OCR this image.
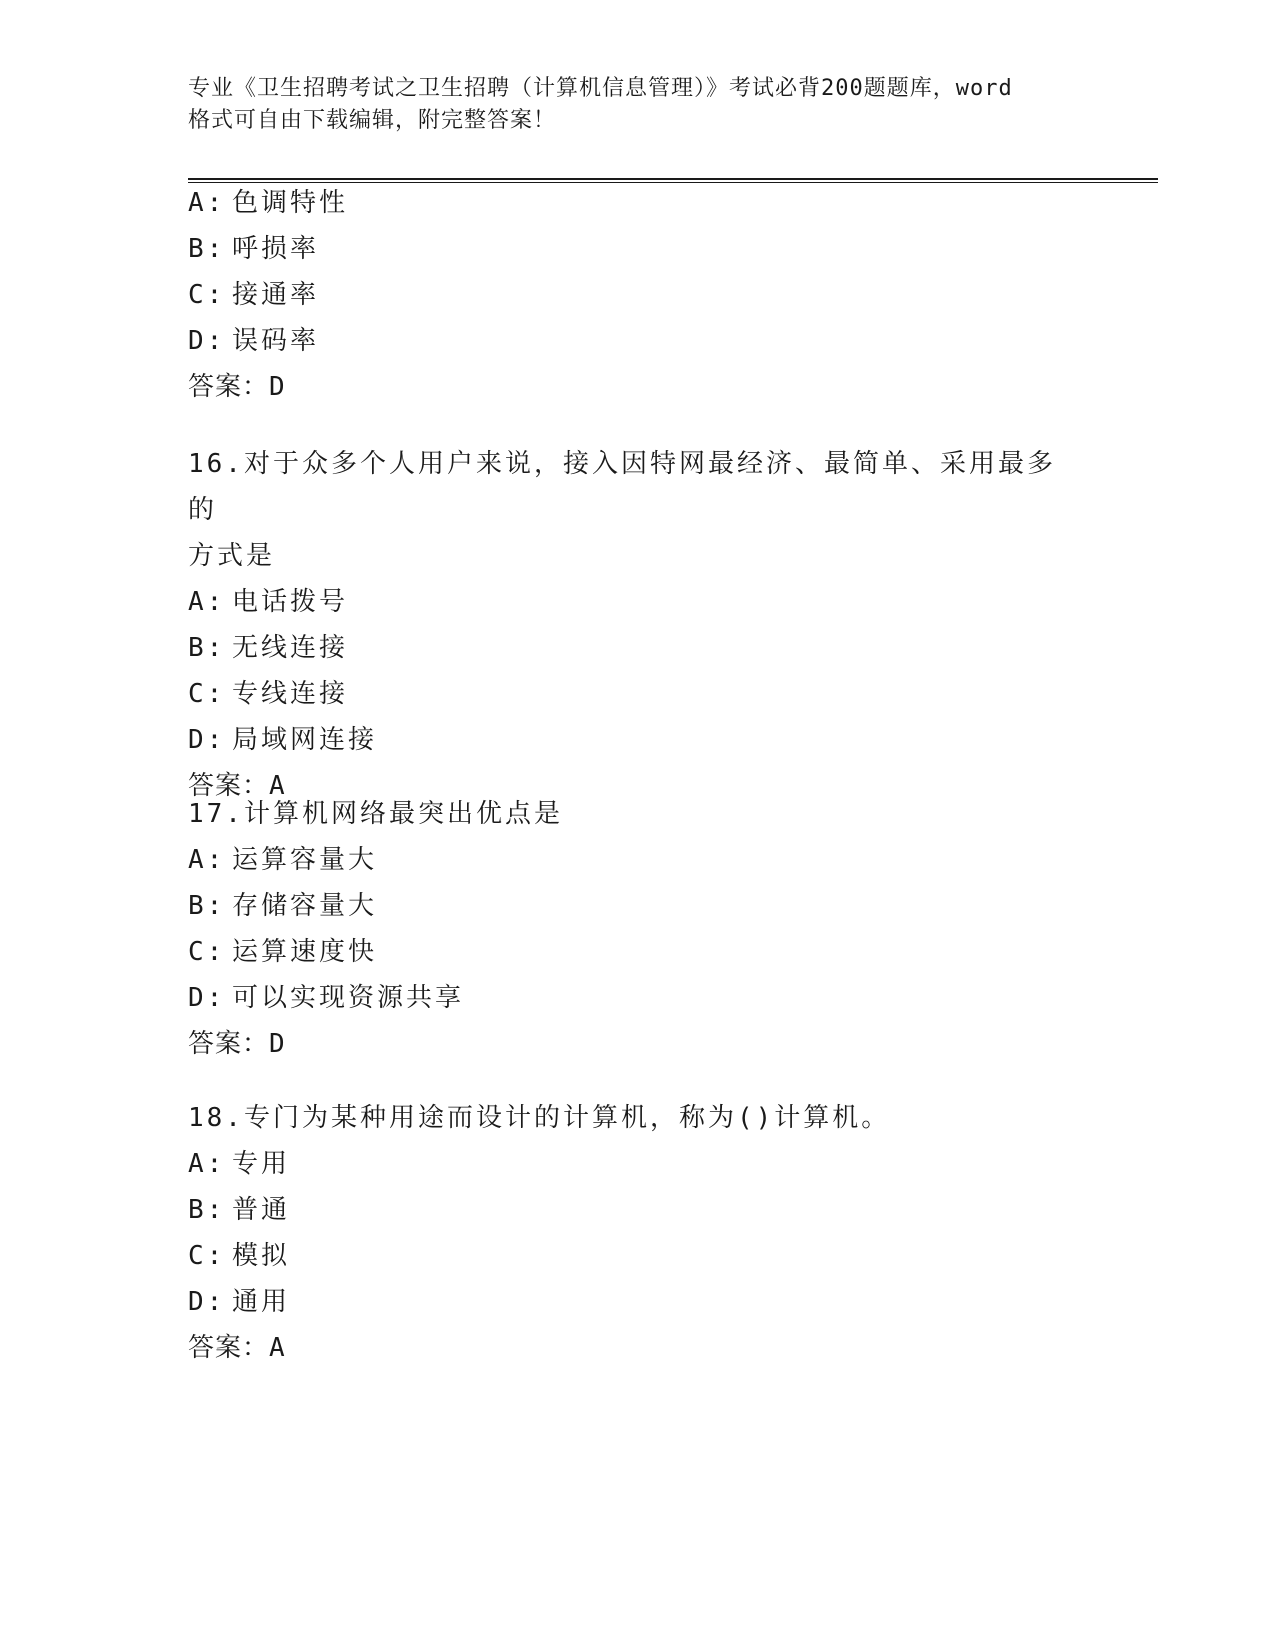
专业《卫生招聘考试之卫生招聘（计算机信息管理）》考试必背200题题库，word
格式可自由下载编辑，附完整答案！
A: 色调特性
B: 呼损率
C: 接通率
D: 误码率
答案：D
16.对于众多个人用户来说，接入因特网最经济、最简单、采用最多的
方式是
A: 电话拨号
B: 无线连接
C: 专线连接
D: 局域网连接
答案：A
17.计算机网络最突出优点是
A: 运算容量大
B: 存储容量大
C: 运算速度快
D: 可以实现资源共享
答案：D
18.专门为某种用途而设计的计算机，称为()计算机。
A: 专用
B: 普通
C: 模拟
D: 通用
答案：A
